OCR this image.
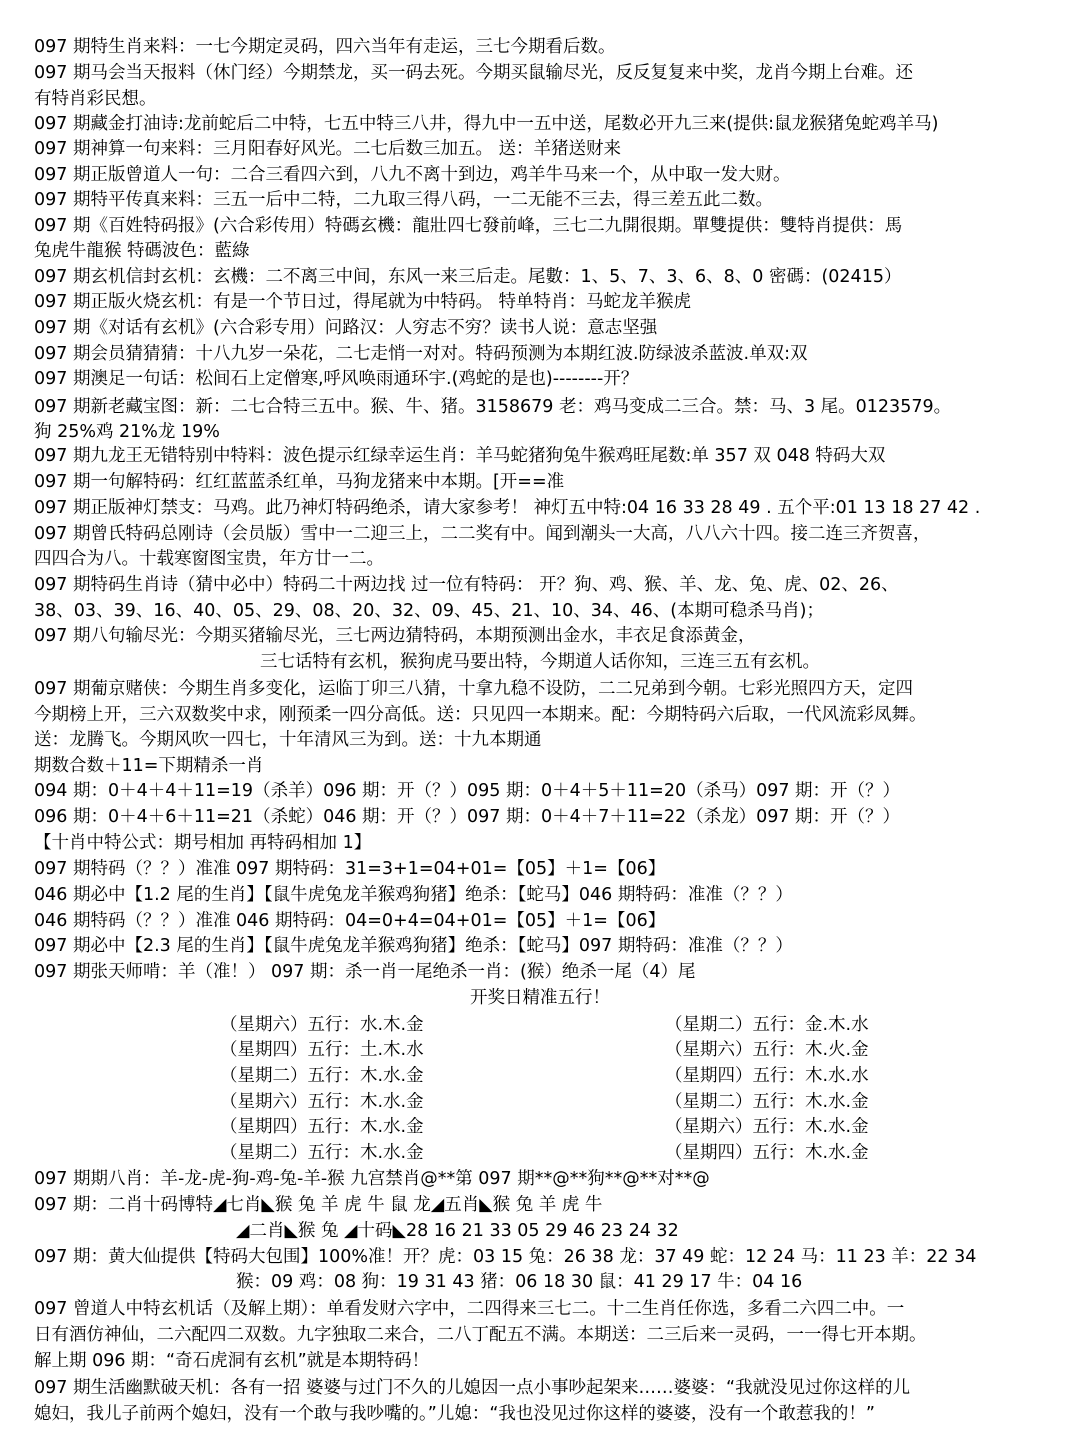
097 期特生肖来料：一七今期定灵码，四六当年有走运，三七今期看后数。
097 期马会当天报料（休门经）今期禁龙，买一码去死。今期买鼠输尽光，反反复复来中奖，龙肖今期上台难。还
有特肖彩民想。
097 期藏金打油诗:龙前蛇后二中特，七五中特三八井，得九中一五中送，尾数必开九三来(提供:鼠龙猴猪兔蛇鸡羊马)
097 期神算一句来料：三月阳春好风光。二七后数三加五。 送：羊猪送财来
097 期正版曾道人一句：二合三看四六到，八九不离十到边，鸡羊牛马来一个，从中取一发大财。
097 期特平传真来料：三五一后中二特，二九取三得八码，一二无能不三去，得三差五此二数。
097 期《百姓特码报》(六合彩传用）特碼玄機：龍壯四七發前峰，三七二九開很期。單雙提供：雙特肖提供：馬
兔虎牛龍猴 特碼波色：藍綠
097 期玄机信封玄机：玄機：二不离三中间，东风一来三后走。尾數：1、5、7、3、6、8、0 密碼：(02415）
097 期正版火烧玄机：有是一个节日过，得尾就为中特码。 特单特肖：马蛇龙羊猴虎
097 期《对话有玄机》(六合彩专用）问路汉：人穷志不穷？读书人说：意志坚强
097 期会员猜猜猜：十八九岁一朵花，二七走悄一对对。特码预测为本期红波.防绿波杀蓝波.单双:双
097 期澳足一句话：松间石上定僧寒,呼风唤雨通环宇.(鸡蛇的是也)--------开？
097 期新老藏宝图：新：二七合特三五中。猴、牛、猪。3158679 老：鸡马变成二三合。禁：马、3 尾。0123579。
狗 25%鸡 21%龙 19%
097 期九龙王无错特别中特料：波色提示红绿幸运生肖：羊马蛇猪狗兔牛猴鸡旺尾数:单 357 双 048 特码大双
097 期一句解特码：红红蓝蓝杀红单，马狗龙猪来中本期。[开==准
097 期正版神灯禁支：马鸡。此乃神灯特码绝杀，请大家参考！ 神灯五中特:04 16 33 28 49 . 五个平:01 13 18 27 42 .
097 期曾氏特码总刚诗（会员版）雪中一二迎三上，二二奖有中。闻到潮头一大高，八八六十四。接二连三齐贺喜，
四四合为八。十载寒窗图宝贵，年方廿一二。
097 期特码生肖诗（猜中必中）特码二十两边找 过一位有特码： 开？狗、鸡、猴、羊、龙、兔、虎、02、26、
38、03、39、16、40、05、29、08、20、32、09、45、21、10、34、46、(本期可稳杀马肖)；
097 期八句输尽光：今期买猪输尽光，三七两边猜特码，本期预测出金水，丰衣足食添黄金，
三七话特有玄机，猴狗虎马要出特，今期道人话你知，三连三五有玄机。
097 期葡京赌侠：今期生肖多变化，运临丁卯三八猜，十拿九稳不设防，二二兄弟到今朝。七彩光照四方天，定四
今期榜上开，三六双数奖中求，刚预柔一四分高低。送：只见四一本期来。配：今期特码六后取，一代风流彩凤舞。
送：龙腾飞。今期风吹一四七，十年清风三为到。送：十九本期通
期数合数＋11=下期精杀一肖
094 期：0＋4＋4＋11=19（杀羊）096 期：开（？）095 期：0＋4＋5＋11=20（杀马）097 期：开（？）
096 期：0＋4＋6＋11=21（杀蛇）046 期：开（？）097 期：0＋4＋7＋11=22（杀龙）097 期：开（？）
【十肖中特公式：期号相加 再特码相加 1】
097 期特码（？？）准准 097 期特码：31=3+1=04+01=【05】＋1=【06】
046 期必中【1.2 尾的生肖】【鼠牛虎兔龙羊猴鸡狗猪】绝杀：【蛇马】046 期特码：准准（？？）
046 期特码（？？）准准 046 期特码：04=0+4=04+01=【05】＋1=【06】
097 期必中【2.3 尾的生肖】【鼠牛虎兔龙羊猴鸡狗猪】绝杀：【蛇马】097 期特码：准准（？？）
097 期张天师啃：羊（准！） 097 期：杀一肖一尾绝杀一肖：(猴）绝杀一尾（4）尾
开奖日精准五行！
（星期六）五行：水.木.金	（星期二）五行：金.木.水
（星期四）五行：土.木.水	（星期六）五行：木.火.金
（星期二）五行：木.水.金	（星期四）五行：木.水.水
（星期六）五行：木.水.金	（星期二）五行：木.水.金
（星期四）五行：木.水.金	（星期六）五行：木.水.金
（星期二）五行：木.水.金	（星期四）五行：木.水.金
097 期期八肖：羊-龙-虎-狗-鸡-兔-羊-猴 九宫禁肖@**第 097 期**@**狗**@**对**@
097 期：二肖十码博特◢七肖◣猴 兔 羊 虎 牛 鼠 龙◢五肖◣猴 兔 羊 虎 牛
◢二肖◣猴 兔 ◢十码◣28 16 21 33 05 29 46 23 24 32
097 期：黄大仙提供【特码大包围】100%准！开？虎：03 15 兔：26 38 龙：37 49 蛇：12 24 马：11 23 羊：22 34
猴：09 鸡：08 狗：19 31 43 猪：06 18 30 鼠：41 29 17 牛：04 16
097 曾道人中特玄机话（及解上期）：单看发财六字中，二四得来三七二。十二生肖任你选，多看二六四二中。一
日有酒仿神仙，二六配四二双数。九字独取二来合，二八丁配五不满。本期送：二三后来一灵码，一一得七开本期。
解上期 096 期：“奇石虎洞有玄机”就是本期特码！
097 期生活幽默破天机：各有一招 婆婆与过门不久的儿媳因一点小事吵起架来……婆婆：“我就没见过你这样的儿
媳妇，我儿子前两个媳妇，没有一个敢与我吵嘴的。”儿媳：“我也没见过你这样的婆婆，没有一个敢惹我的！”
